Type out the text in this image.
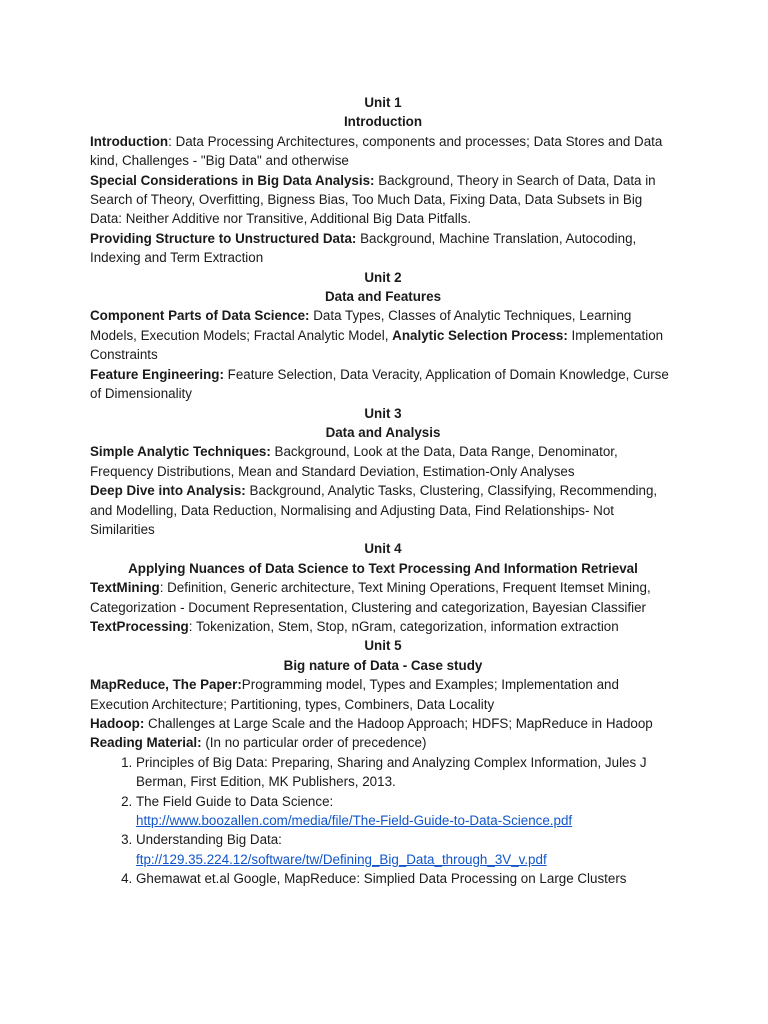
Unit 1
Introduction

Introduction: Data Processing Architectures, components and processes; Data Stores and Data kind, Challenges - "Big Data" and otherwise

Special Considerations in Big Data Analysis: Background, Theory in Search of Data, Data in Search of Theory, Overfitting, Bigness Bias, Too Much Data, Fixing Data, Data Subsets in Big Data: Neither Additive nor Transitive, Additional Big Data Pitfalls.

Providing Structure to Unstructured Data: Background, Machine Translation, Autocoding, Indexing and Term Extraction

Unit 2
Data and Features

Component Parts of Data Science: Data Types, Classes of Analytic Techniques, Learning Models, Execution Models; Fractal Analytic Model, Analytic Selection Process: Implementation Constraints

Feature Engineering: Feature Selection, Data Veracity, Application of Domain Knowledge, Curse of Dimensionality

Unit 3
Data and Analysis

Simple Analytic Techniques: Background, Look at the Data, Data Range, Denominator, Frequency Distributions, Mean and Standard Deviation, Estimation-Only Analyses

Deep Dive into Analysis: Background, Analytic Tasks, Clustering, Classifying, Recommending, and Modelling, Data Reduction, Normalising and Adjusting Data, Find Relationships- Not Similarities

Unit 4
Applying Nuances of Data Science to Text Processing And Information Retrieval

TextMining: Definition, Generic architecture, Text Mining Operations, Frequent Itemset Mining, Categorization - Document Representation, Clustering and categorization, Bayesian Classifier

TextProcessing: Tokenization, Stem, Stop, nGram, categorization, information extraction

Unit 5
Big nature of Data - Case study

MapReduce, The Paper:Programming model, Types and Examples; Implementation and Execution Architecture; Partitioning, types, Combiners, Data Locality

Hadoop: Challenges at Large Scale and the Hadoop Approach; HDFS; MapReduce in Hadoop

Reading Material: (In no particular order of precedence)

1. Principles of Big Data: Preparing, Sharing and Analyzing Complex Information, Jules J Berman, First Edition, MK Publishers, 2013.
2. The Field Guide to Data Science:
http://www.boozallen.com/media/file/The-Field-Guide-to-Data-Science.pdf
3. Understanding Big Data:
ftp://129.35.224.12/software/tw/Defining_Big_Data_through_3V_v.pdf
4. Ghemawat et.al Google, MapReduce: Simplied Data Processing on Large Clusters
